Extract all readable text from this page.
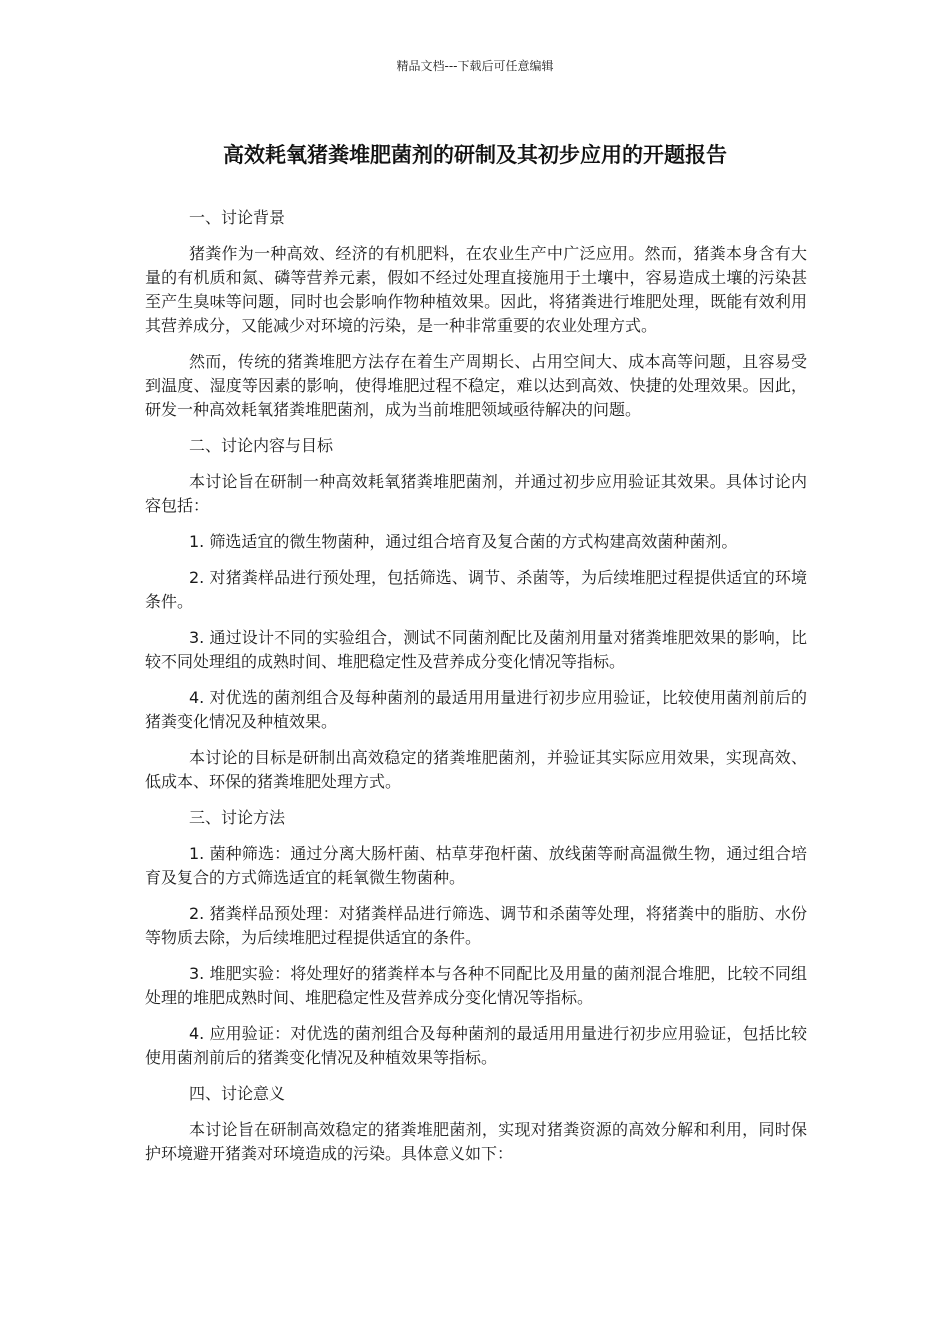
精品文档---下载后可任意编辑
高效耗氧猪粪堆肥菌剂的研制及其初步应用的开题报告

一、讨论背景

猪粪作为一种高效、经济的有机肥料，在农业生产中广泛应用。然而，猪粪本身含有大量的有机质和氮、磷等营养元素，假如不经过处理直接施用于土壤中，容易造成土壤的污染甚至产生臭味等问题，同时也会影响作物种植效果。因此，将猪粪进行堆肥处理，既能有效利用其营养成分，又能减少对环境的污染，是一种非常重要的农业处理方式。

然而，传统的猪粪堆肥方法存在着生产周期长、占用空间大、成本高等问题，且容易受到温度、湿度等因素的影响，使得堆肥过程不稳定，难以达到高效、快捷的处理效果。因此，研发一种高效耗氧猪粪堆肥菌剂，成为当前堆肥领域亟待解决的问题。

二、讨论内容与目标

本讨论旨在研制一种高效耗氧猪粪堆肥菌剂，并通过初步应用验证其效果。具体讨论内容包括：

1. 筛选适宜的微生物菌种，通过组合培育及复合菌的方式构建高效菌种菌剂。

2. 对猪粪样品进行预处理，包括筛选、调节、杀菌等，为后续堆肥过程提供适宜的环境条件。

3. 通过设计不同的实验组合，测试不同菌剂配比及菌剂用量对猪粪堆肥效果的影响，比较不同处理组的成熟时间、堆肥稳定性及营养成分变化情况等指标。

4. 对优选的菌剂组合及每种菌剂的最适用用量进行初步应用验证，比较使用菌剂前后的猪粪变化情况及种植效果。

本讨论的目标是研制出高效稳定的猪粪堆肥菌剂，并验证其实际应用效果，实现高效、低成本、环保的猪粪堆肥处理方式。

三、讨论方法

1. 菌种筛选：通过分离大肠杆菌、枯草芽孢杆菌、放线菌等耐高温微生物，通过组合培育及复合的方式筛选适宜的耗氧微生物菌种。

2. 猪粪样品预处理：对猪粪样品进行筛选、调节和杀菌等处理，将猪粪中的脂肪、水份等物质去除，为后续堆肥过程提供适宜的条件。

3. 堆肥实验：将处理好的猪粪样本与各种不同配比及用量的菌剂混合堆肥，比较不同组处理的堆肥成熟时间、堆肥稳定性及营养成分变化情况等指标。

4. 应用验证：对优选的菌剂组合及每种菌剂的最适用用量进行初步应用验证，包括比较使用菌剂前后的猪粪变化情况及种植效果等指标。

四、讨论意义

本讨论旨在研制高效稳定的猪粪堆肥菌剂，实现对猪粪资源的高效分解和利用，同时保护环境避开猪粪对环境造成的污染。具体意义如下：
